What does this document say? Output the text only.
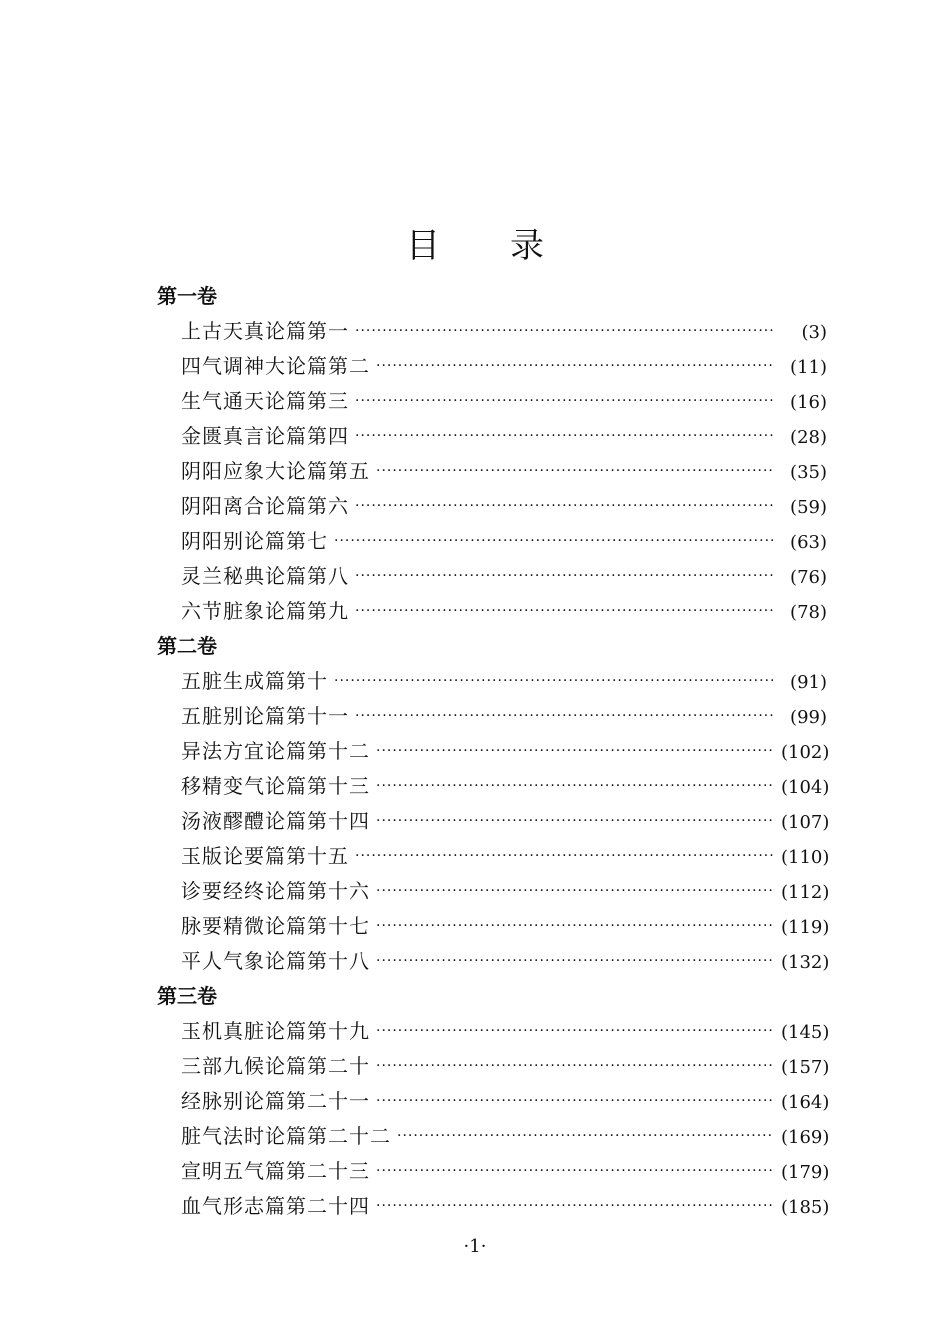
目录
第一卷
上古天真论篇第一 ·····	(3)
四气调神大论篇第二 ·····	(11)
生气通天论篇第三 ·····	(16)
金匮真言论篇第四 ·····	(28)
阴阳应象大论篇第五 ·····	(35)
阴阳离合论篇第六 ·····	(59)
阴阳别论篇第七 ·····	(63)
灵兰秘典论篇第八 ·····	(76)
六节脏象论篇第九 ·····	(78)
第二卷
五脏生成篇第十 ·····	(91)
五脏别论篇第十一 ·····	(99)
异法方宜论篇第十二 ·····	(102)
移精变气论篇第十三 ·····	(104)
汤液醪醴论篇第十四 ·····	(107)
玉版论要篇第十五 ·····	(110)
诊要经终论篇第十六 ·····	(112)
脉要精微论篇第十七 ·····	(119)
平人气象论篇第十八 ·····	(132)
第三卷
玉机真脏论篇第十九 ·····	(145)
三部九候论篇第二十 ·····	(157)
经脉别论篇第二十一 ·····	(164)
脏气法时论篇第二十二 ·····	(169)
宣明五气篇第二十三 ·····	(179)
血气形志篇第二十四 ·····	(185)
·1·
